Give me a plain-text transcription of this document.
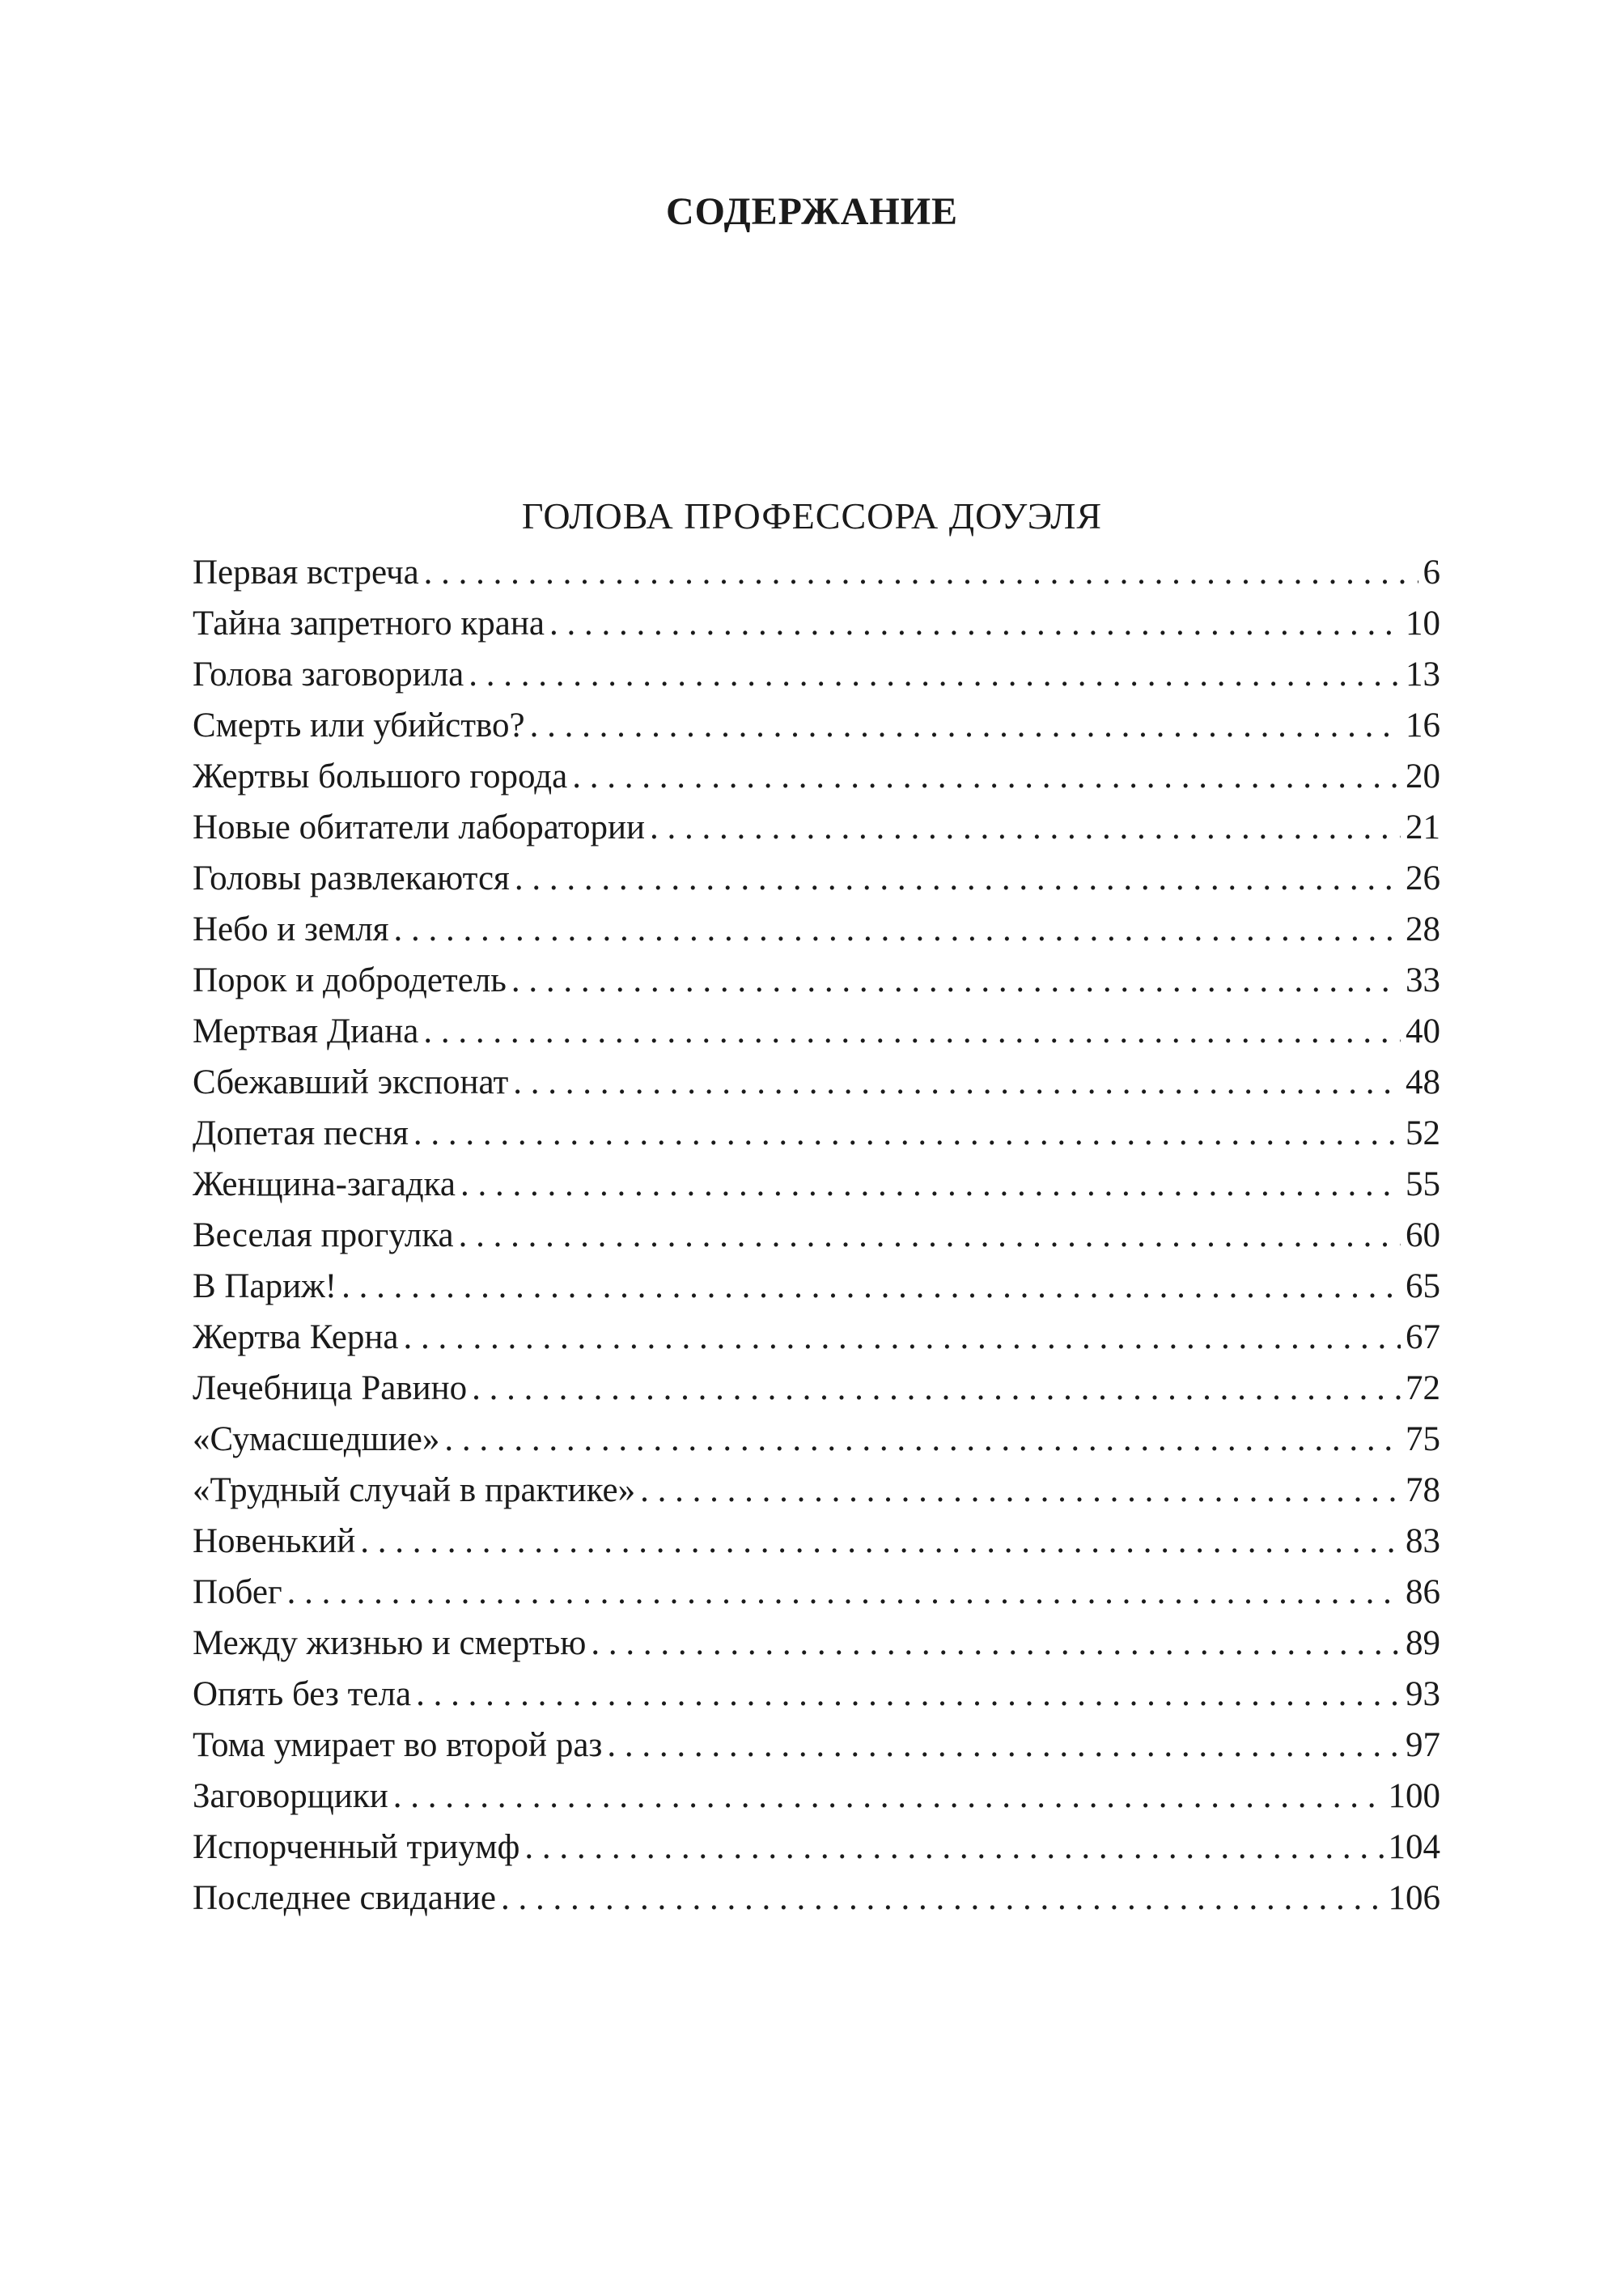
СОДЕРЖАНИЕ
ГОЛОВА ПРОФЕССОРА ДОУЭЛЯ
Первая встреча . . .	6
Тайна запретного крана . . .	10
Голова заговорила . . .	13
Смерть или убийство? . . .	16
Жертвы большого города . . .	20
Новые обитатели лаборатории . . .	21
Головы развлекаются . . .	26
Небо и земля . . .	28
Порок и добродетель . . .	33
Мертвая Диана . . .	40
Сбежавший экспонат . . .	48
Допетая песня . . .	52
Женщина-загадка . . .	55
Веселая прогулка . . .	60
В Париж! . . .	65
Жертва Керна . . .	67
Лечебница Равино . . .	72
«Сумасшедшие» . . .	75
«Трудный случай в практике» . . .	78
Новенький . . .	83
Побег . . .	86
Между жизнью и смертью . . .	89
Опять без тела . . .	93
Тома умирает во второй раз . . .	97
Заговорщики . . .	100
Испорченный триумф . . .	104
Последнее свидание . . .	106
